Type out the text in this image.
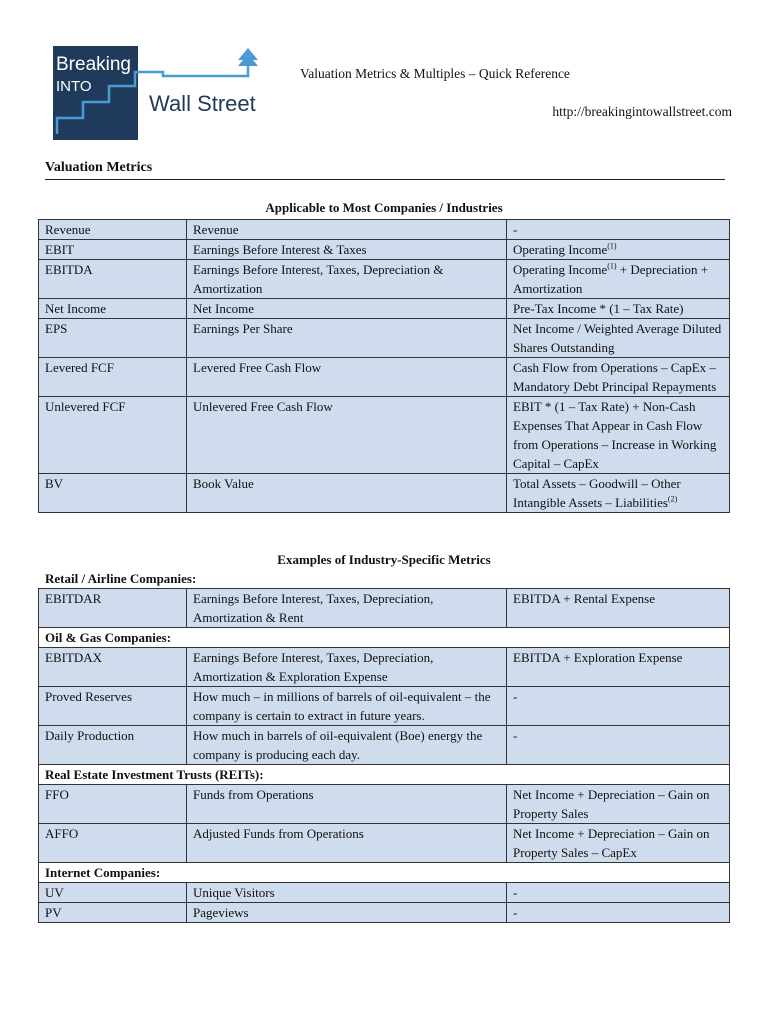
Breaking
INTO
Wall Street
Valuation Metrics & Multiples – Quick Reference
http://breakingintowallstreet.com
Valuation Metrics
Applicable to Most Companies / Industries
Revenue	Revenue	-
EBIT	Earnings Before Interest & Taxes	Operating Income$^{(1)}$
EBITDA	Earnings Before Interest, Taxes, Depreciation & Amortization	Operating Income$^{(1)}$ + Depreciation + Amortization
Net Income	Net Income	Pre-Tax Income * (1 – Tax Rate)
EPS	Earnings Per Share	Net Income / Weighted Average Diluted Shares Outstanding
Levered FCF	Levered Free Cash Flow	Cash Flow from Operations – CapEx – Mandatory Debt Principal Repayments
Unlevered FCF	Unlevered Free Cash Flow	EBIT * (1 – Tax Rate) + Non-Cash Expenses That Appear in Cash Flow from Operations – Increase in Working Capital – CapEx
BV	Book Value	Total Assets – Goodwill – Other Intangible Assets – Liabilities$^{(2)}$
Examples of Industry-Specific Metrics
Retail / Airline Companies:
EBITDAR	Earnings Before Interest, Taxes, Depreciation, Amortization & Rent	EBITDA + Rental Expense
Oil & Gas Companies:		
EBITDAX	Earnings Before Interest, Taxes, Depreciation, Amortization & Exploration Expense	EBITDA + Exploration Expense
Proved Reserves	How much – in millions of barrels of oil-equivalent – the company is certain to extract in future years.	-
Daily Production	How much in barrels of oil-equivalent (Boe) energy the company is producing each day.	-
Real Estate Investment Trusts (REITs):		
FFO	Funds from Operations	Net Income + Depreciation – Gain on Property Sales
AFFO	Adjusted Funds from Operations	Net Income + Depreciation – Gain on Property Sales – CapEx
Internet Companies:		
UV	Unique Visitors	-
PV	Pageviews	-
